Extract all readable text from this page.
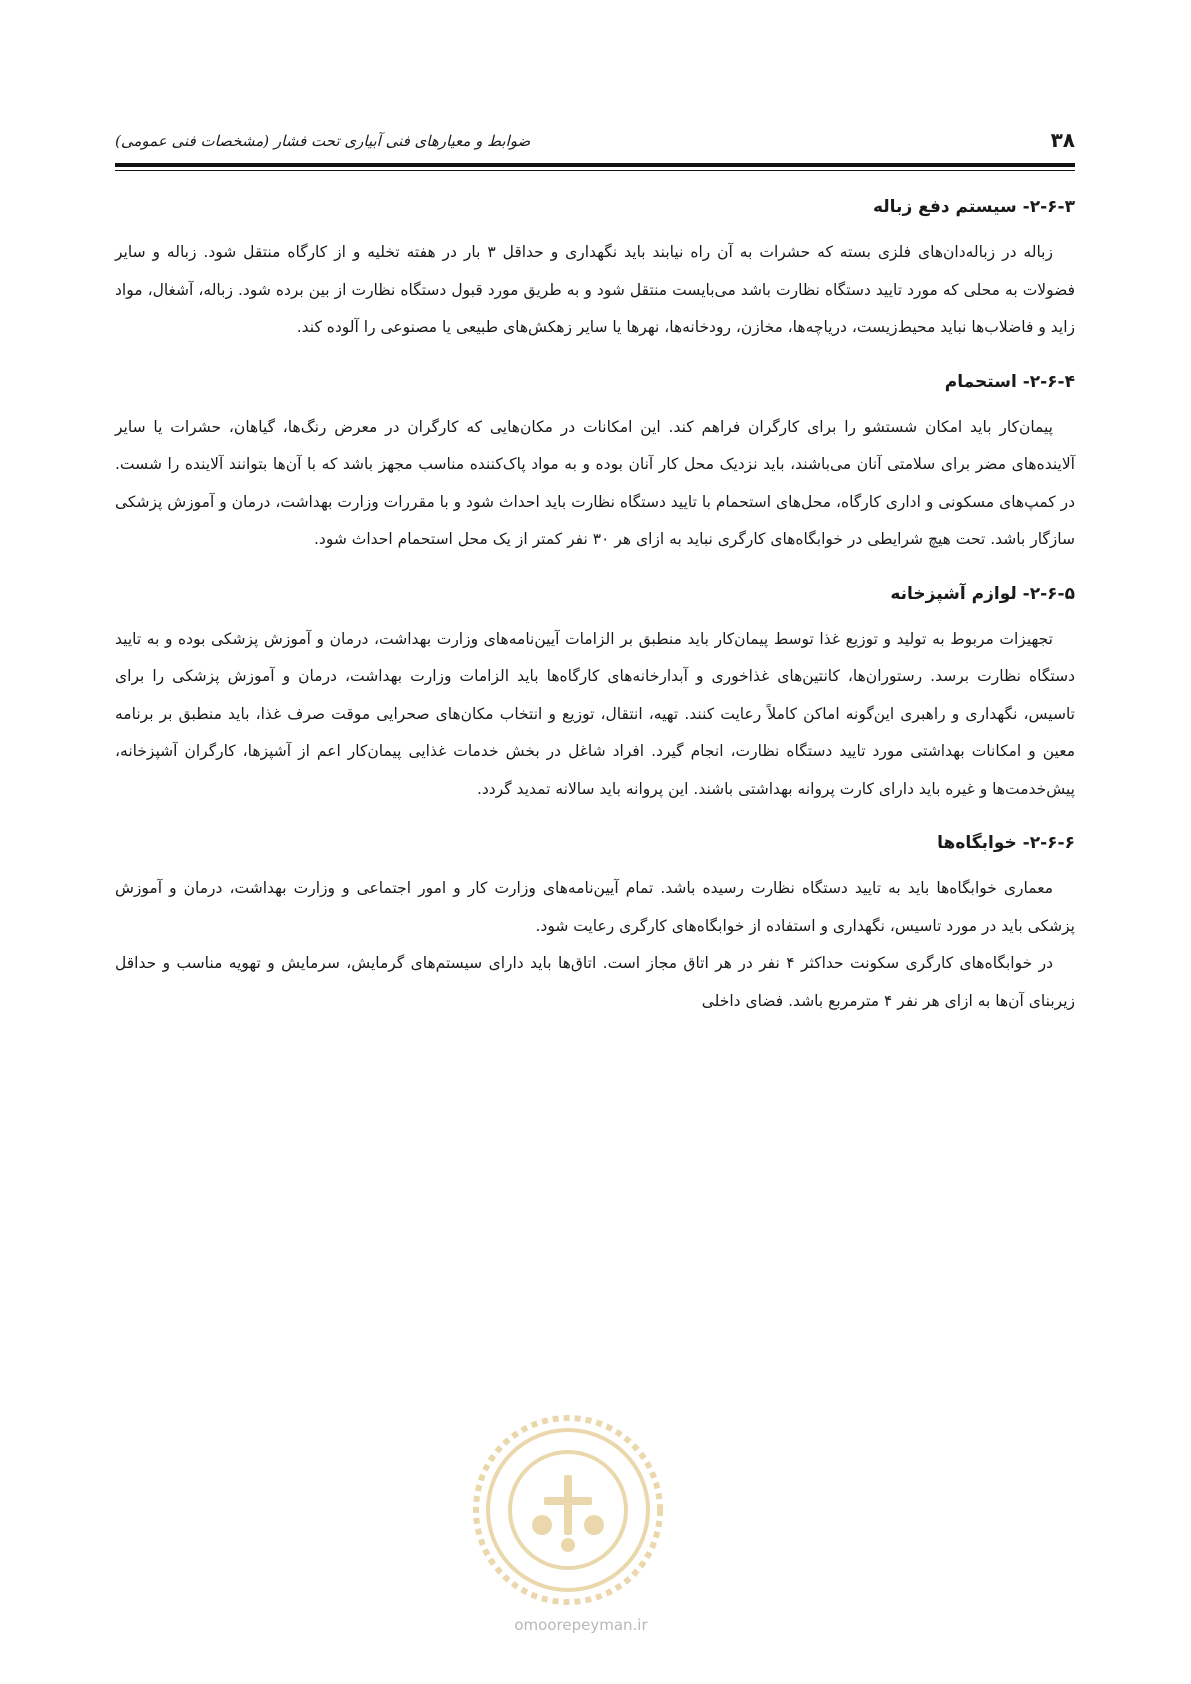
۳۸
ضوابط و معیارهای فنی آبیاری تحت فشار (مشخصات فنی عمومی)
۲-۶-۳- سیستم دفع زباله

زباله در زباله‌دان‌های فلزی بسته که حشرات به آن راه نیابند باید نگهداری و حداقل ۳ بار در هفته تخلیه و از کارگاه منتقل شود. زباله و سایر فضولات به محلی که مورد تایید دستگاه نظارت باشد می‌بایست منتقل شود و به طریق مورد قبول دستگاه نظارت از بین برده شود. زباله، آشغال، مواد زاید و فاضلاب‌ها نباید محیط‌زیست، دریاچه‌ها، مخازن، رودخانه‌ها، نهرها یا سایر زهکش‌های طبیعی یا مصنوعی را آلوده کند.

۲-۶-۴- استحمام

پیمان‌کار باید امکان شستشو را برای کارگران فراهم کند. این امکانات در مکان‌هایی که کارگران در معرض رنگ‌ها، گیاهان، حشرات یا سایر آلاینده‌های مضر برای سلامتی آنان می‌باشند، باید نزدیک محل کار آنان بوده و به مواد پاک‌کننده مناسب مجهز باشد که با آن‌ها بتوانند آلاینده را شست. در کمپ‌های مسکونی و اداری کارگاه، محل‌های استحمام با تایید دستگاه نظارت باید احداث شود و با مقررات وزارت بهداشت، درمان و آموزش پزشکی سازگار باشد. تحت هیچ شرایطی در خوابگاه‌های کارگری نباید به ازای هر ۳۰ نفر کمتر از یک محل استحمام احداث شود.

۲-۶-۵- لوازم آشپزخانه

تجهیزات مربوط به تولید و توزیع غذا توسط پیمان‌کار باید منطبق بر الزامات آیین‌نامه‌های وزارت بهداشت، درمان و آموزش پزشکی بوده و به تایید دستگاه نظارت برسد. رستوران‌ها، کانتین‌های غذاخوری و آبدارخانه‌های کارگاه‌ها باید الزامات وزارت بهداشت، درمان و آموزش پزشکی را برای تاسیس، نگهداری و راهبری این‌گونه اماکن کاملاً رعایت کنند. تهیه، انتقال، توزیع و انتخاب مکان‌های صحرایی موقت صرف غذا، باید منطبق بر برنامه معین و امکانات بهداشتی مورد تایید دستگاه نظارت، انجام گیرد. افراد شاغل در بخش خدمات غذایی پیمان‌کار اعم از آشپزها، کارگران آشپزخانه، پیش‌خدمت‌ها و غیره باید دارای کارت پروانه بهداشتی باشند. این پروانه باید سالانه تمدید گردد.

۲-۶-۶- خوابگاه‌ها

معماری خوابگاه‌ها باید به تایید دستگاه نظارت رسیده باشد. تمام آیین‌نامه‌های وزارت کار و امور اجتماعی و وزارت بهداشت، درمان و آموزش پزشکی باید در مورد تاسیس، نگهداری و استفاده از خوابگاه‌های کارگری رعایت شود.

در خوابگاه‌های کارگری سکونت حداکثر ۴ نفر در هر اتاق مجاز است. اتاق‌ها باید دارای سیستم‌های گرمایش، سرمایش و تهویه مناسب و حداقل زیربنای آن‌ها به ازای هر نفر ۴ مترمربع باشد. فضای داخلی

omoorepeyman.ir
